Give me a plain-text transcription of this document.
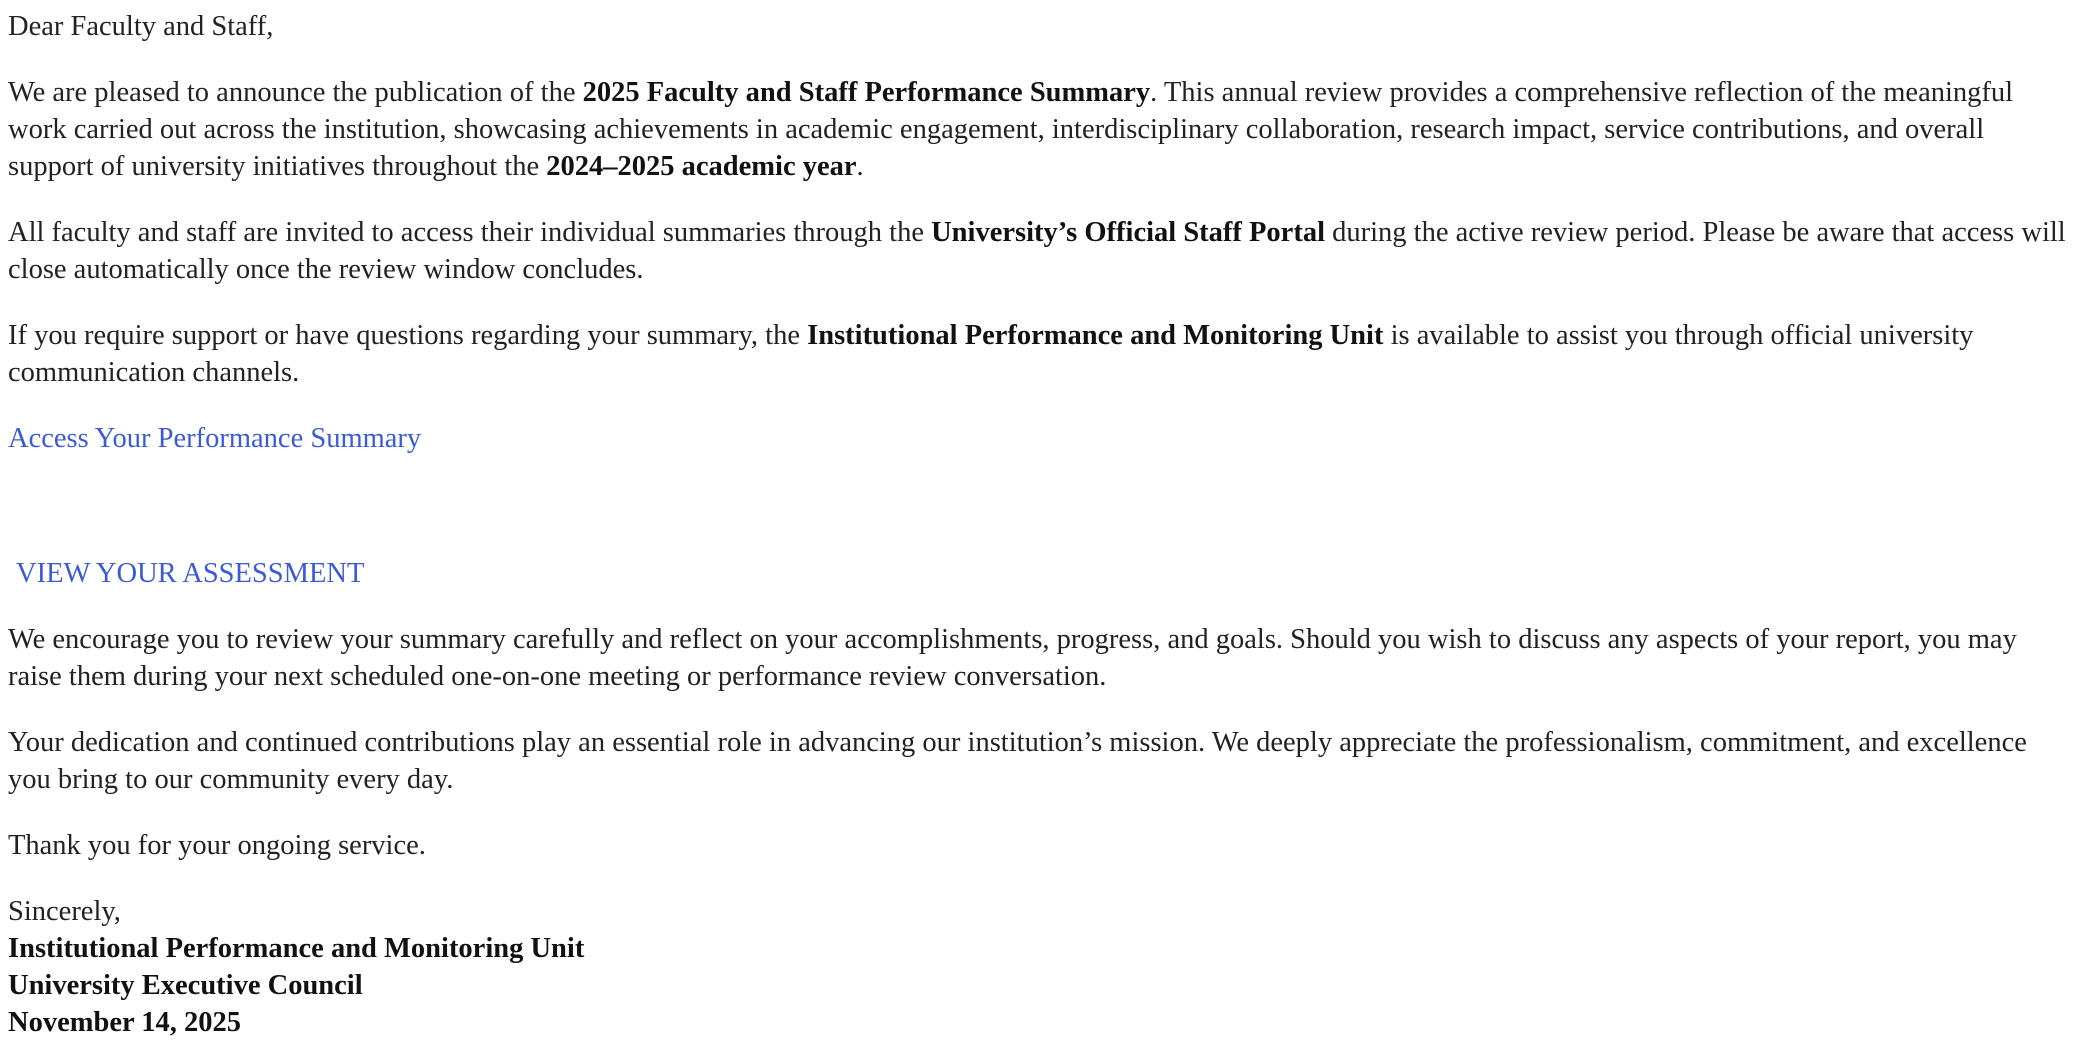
Dear Faculty and Staff,

We are pleased to announce the publication of the 2025 Faculty and Staff Performance Summary. This annual review provides a comprehensive reflection of the meaningful work carried out across the institution, showcasing achievements in academic engagement, interdisciplinary collaboration, research impact, service contributions, and overall support of university initiatives throughout the 2024–2025 academic year.

All faculty and staff are invited to access their individual summaries through the University’s Official Staff Portal during the active review period. Please be aware that access will close automatically once the review window concludes.

If you require support or have questions regarding your summary, the Institutional Performance and Monitoring Unit is available to assist you through official university communication channels.

Access Your Performance Summary

VIEW YOUR ASSESSMENT

We encourage you to review your summary carefully and reflect on your accomplishments, progress, and goals. Should you wish to discuss any aspects of your report, you may raise them during your next scheduled one-on-one meeting or performance review conversation.

Your dedication and continued contributions play an essential role in advancing our institution’s mission. We deeply appreciate the professionalism, commitment, and excellence you bring to our community every day.

Thank you for your ongoing service.

Sincerely,
Institutional Performance and Monitoring Unit
University Executive Council
November 14, 2025
